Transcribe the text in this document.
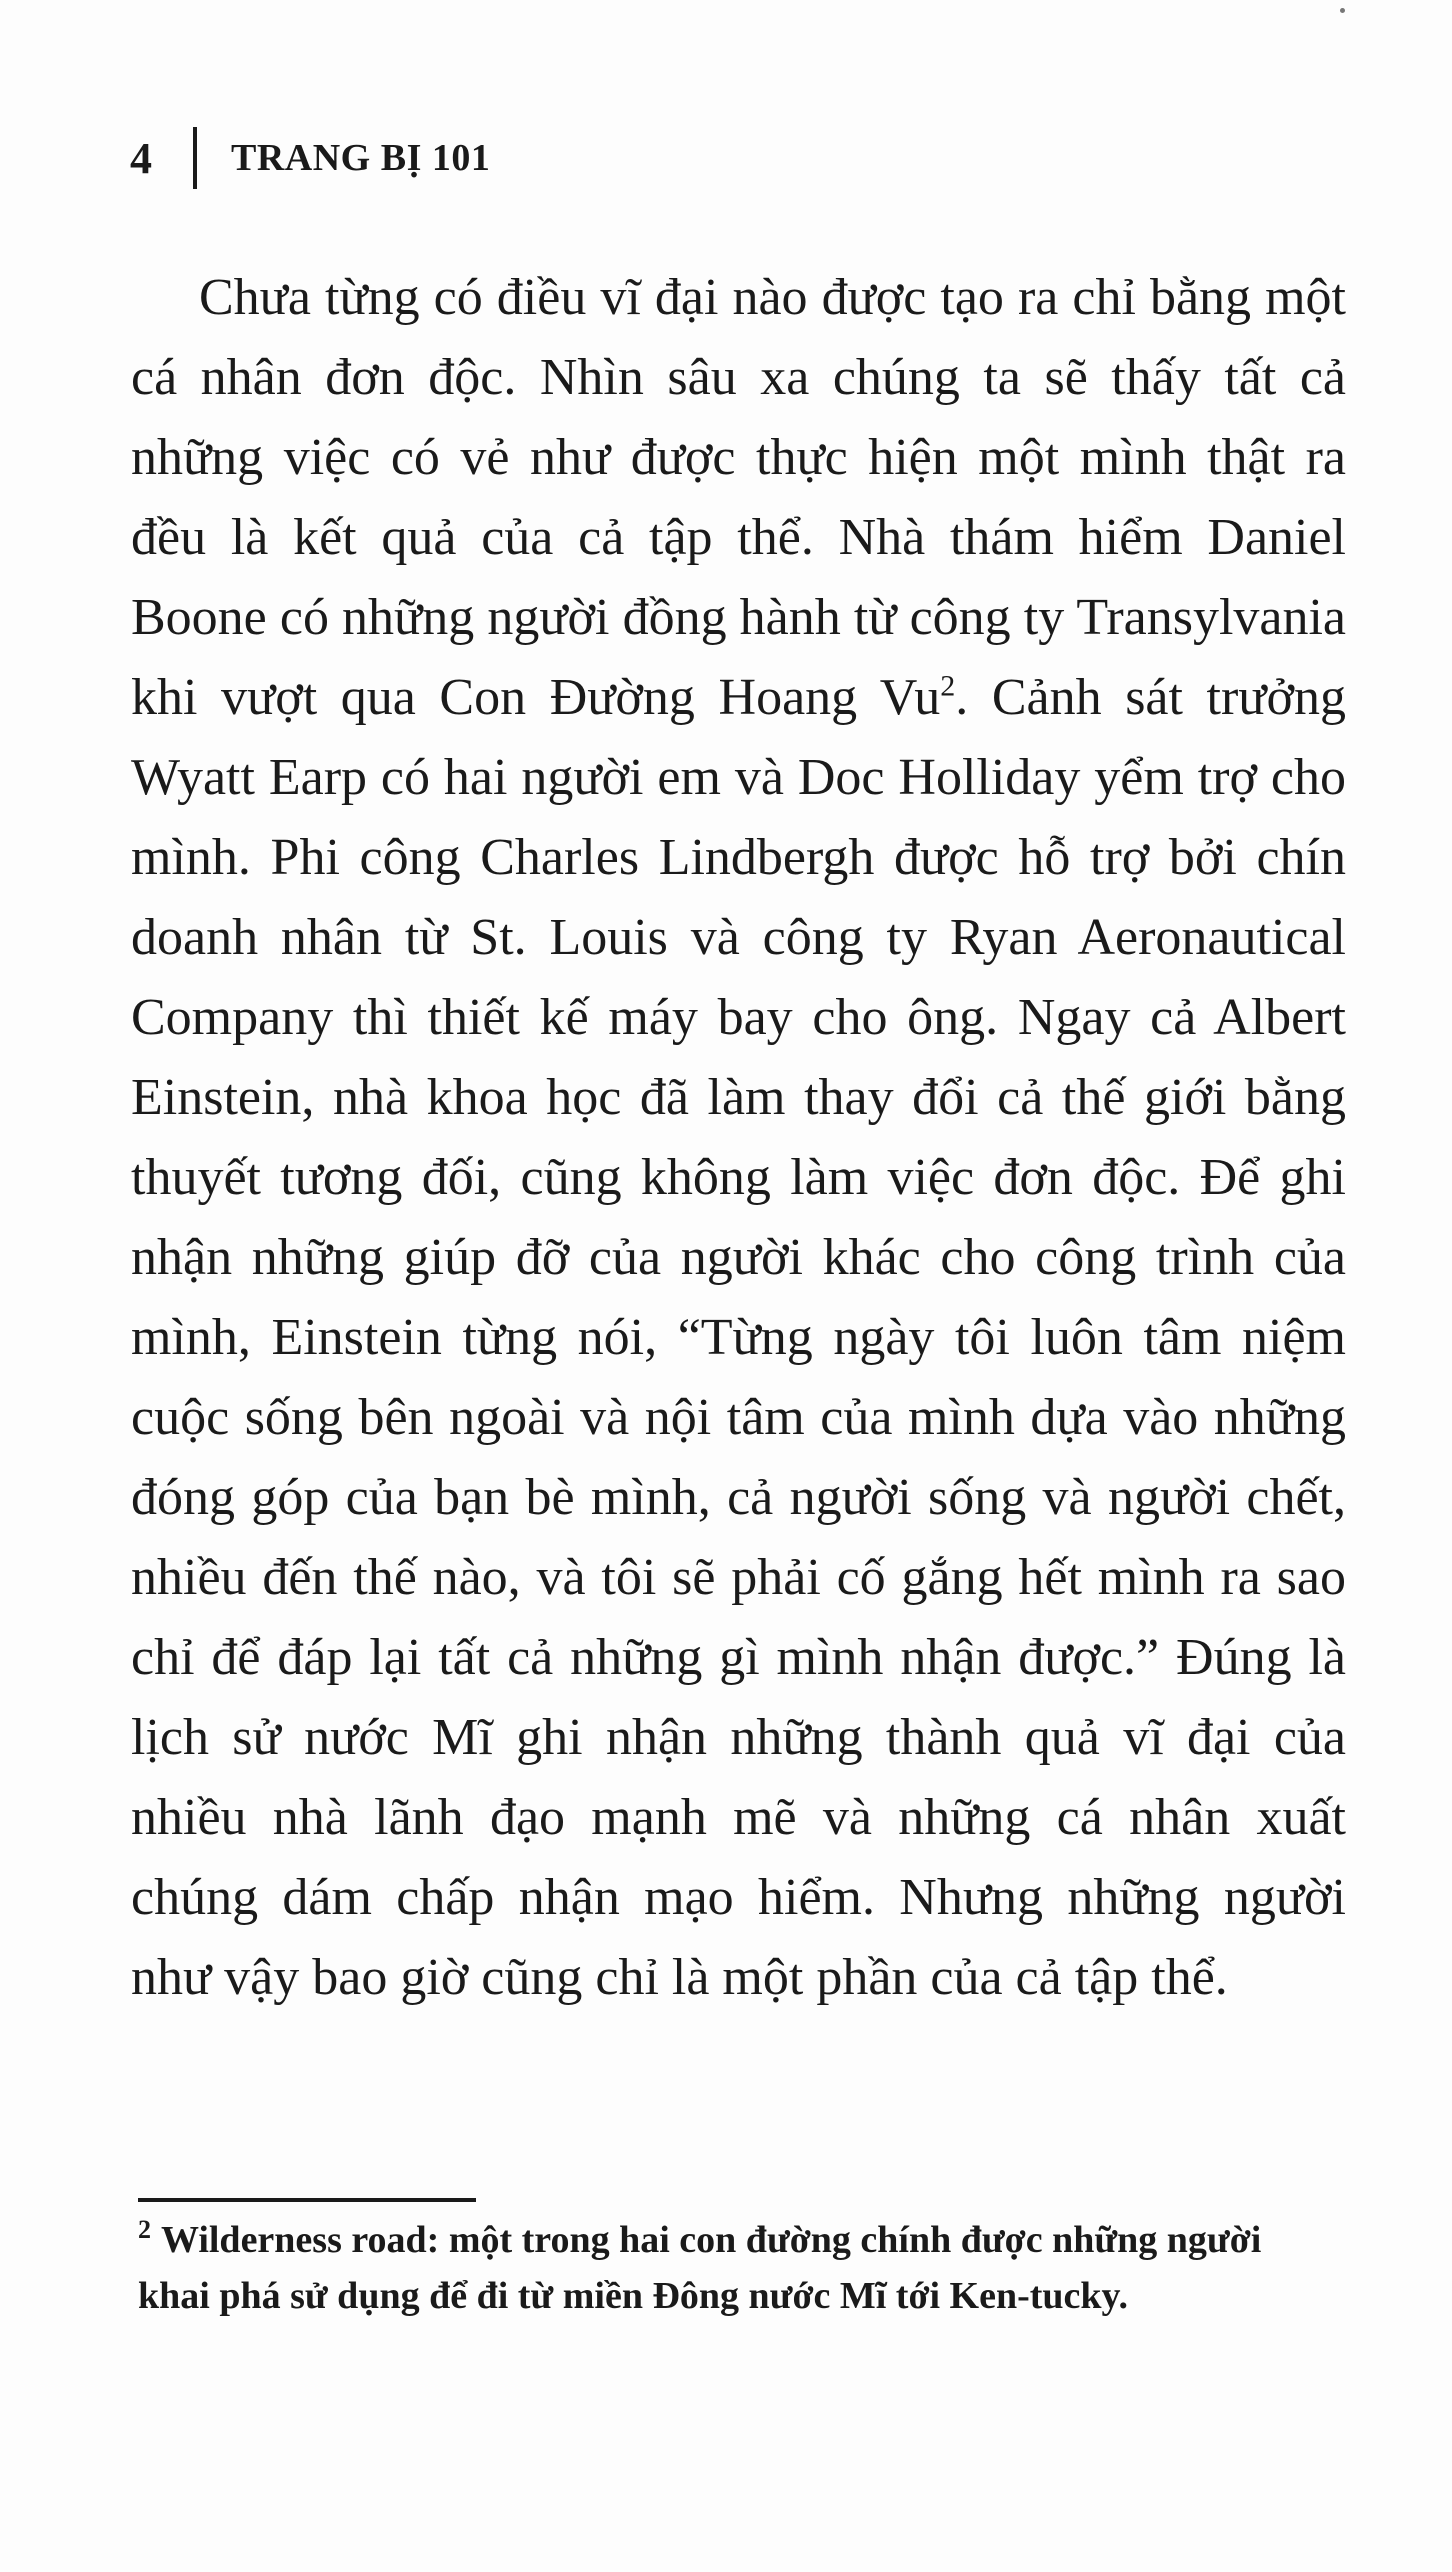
4 TRANG BỊ 101

Chưa từng có điều vĩ đại nào được tạo ra chỉ bằng một cá nhân đơn độc. Nhìn sâu xa chúng ta sẽ thấy tất cả những việc có vẻ như được thực hiện một mình thật ra đều là kết quả của cả tập thể. Nhà thám hiểm Daniel Boone có những người đồng hành từ công ty Transylvania khi vượt qua Con Đường Hoang Vu$^2$. Cảnh sát trưởng Wyatt Earp có hai người em và Doc Holliday yểm trợ cho mình. Phi công Charles Lindbergh được hỗ trợ bởi chín doanh nhân từ St. Louis và công ty Ryan Aeronautical Company thì thiết kế máy bay cho ông. Ngay cả Albert Einstein, nhà khoa học đã làm thay đổi cả thế giới bằng thuyết tương đối, cũng không làm việc đơn độc. Để ghi nhận những giúp đỡ của người khác cho công trình của mình, Einstein từng nói, “Từng ngày tôi luôn tâm niệm cuộc sống bên ngoài và nội tâm của mình dựa vào những đóng góp của bạn bè mình, cả người sống và người chết, nhiều đến thế nào, và tôi sẽ phải cố gắng hết mình ra sao chỉ để đáp lại tất cả những gì mình nhận được.” Đúng là lịch sử nước Mĩ ghi nhận những thành quả vĩ đại của nhiều nhà lãnh đạo mạnh mẽ và những cá nhân xuất chúng dám chấp nhận mạo hiểm. Nhưng những người như vậy bao giờ cũng chỉ là một phần của cả tập thể.

$^2$ Wilderness road: một trong hai con đường chính được những người khai phá sử dụng để đi từ miền Đông nước Mĩ tới Ken-tucky.
